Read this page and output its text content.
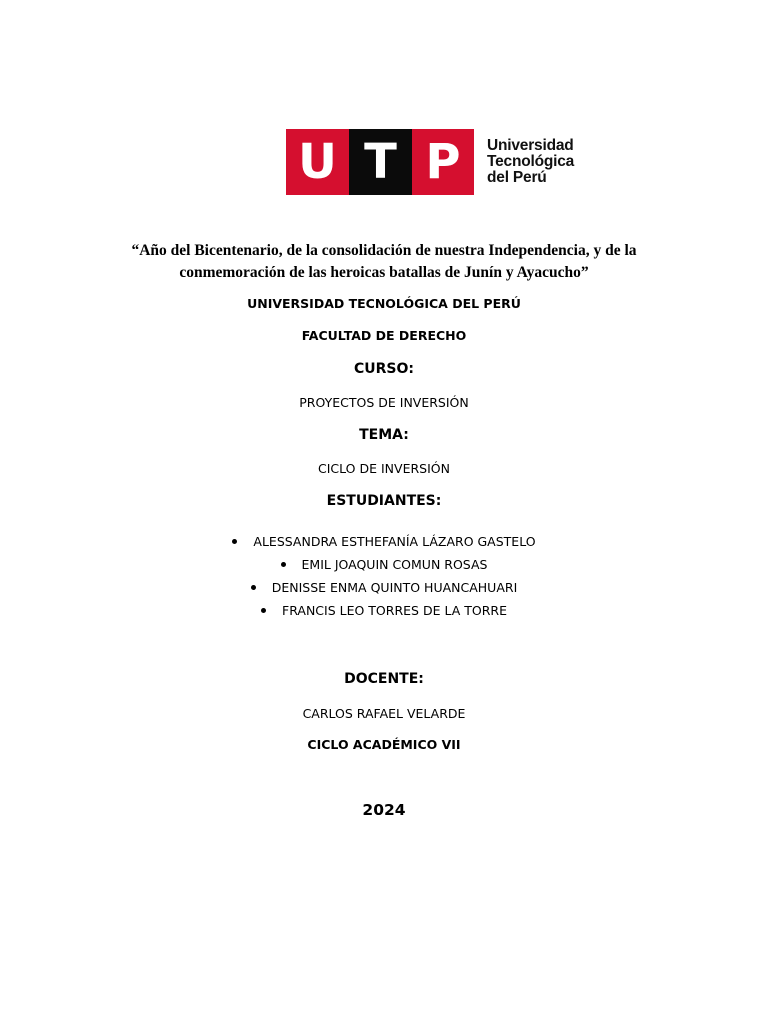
U T P	Universidad
Tecnológica
del Perú
“Año del Bicentenario, de la consolidación de nuestra Independencia, y de la
conmemoración de las heroicas batallas de Junín y Ayacucho”
UNIVERSIDAD TECNOLÓGICA DEL PERÚ
FACULTAD DE DERECHO
CURSO:
PROYECTOS DE INVERSIÓN
TEMA:
CICLO DE INVERSIÓN
ESTUDIANTES:
ALESSANDRA ESTHEFANÍA LÁZARO GASTELO
EMIL JOAQUIN COMUN ROSAS
DENISSE ENMA QUINTO HUANCAHUARI
FRANCIS LEO TORRES DE LA TORRE
DOCENTE:
CARLOS RAFAEL VELARDE
CICLO ACADÉMICO VII
2024
